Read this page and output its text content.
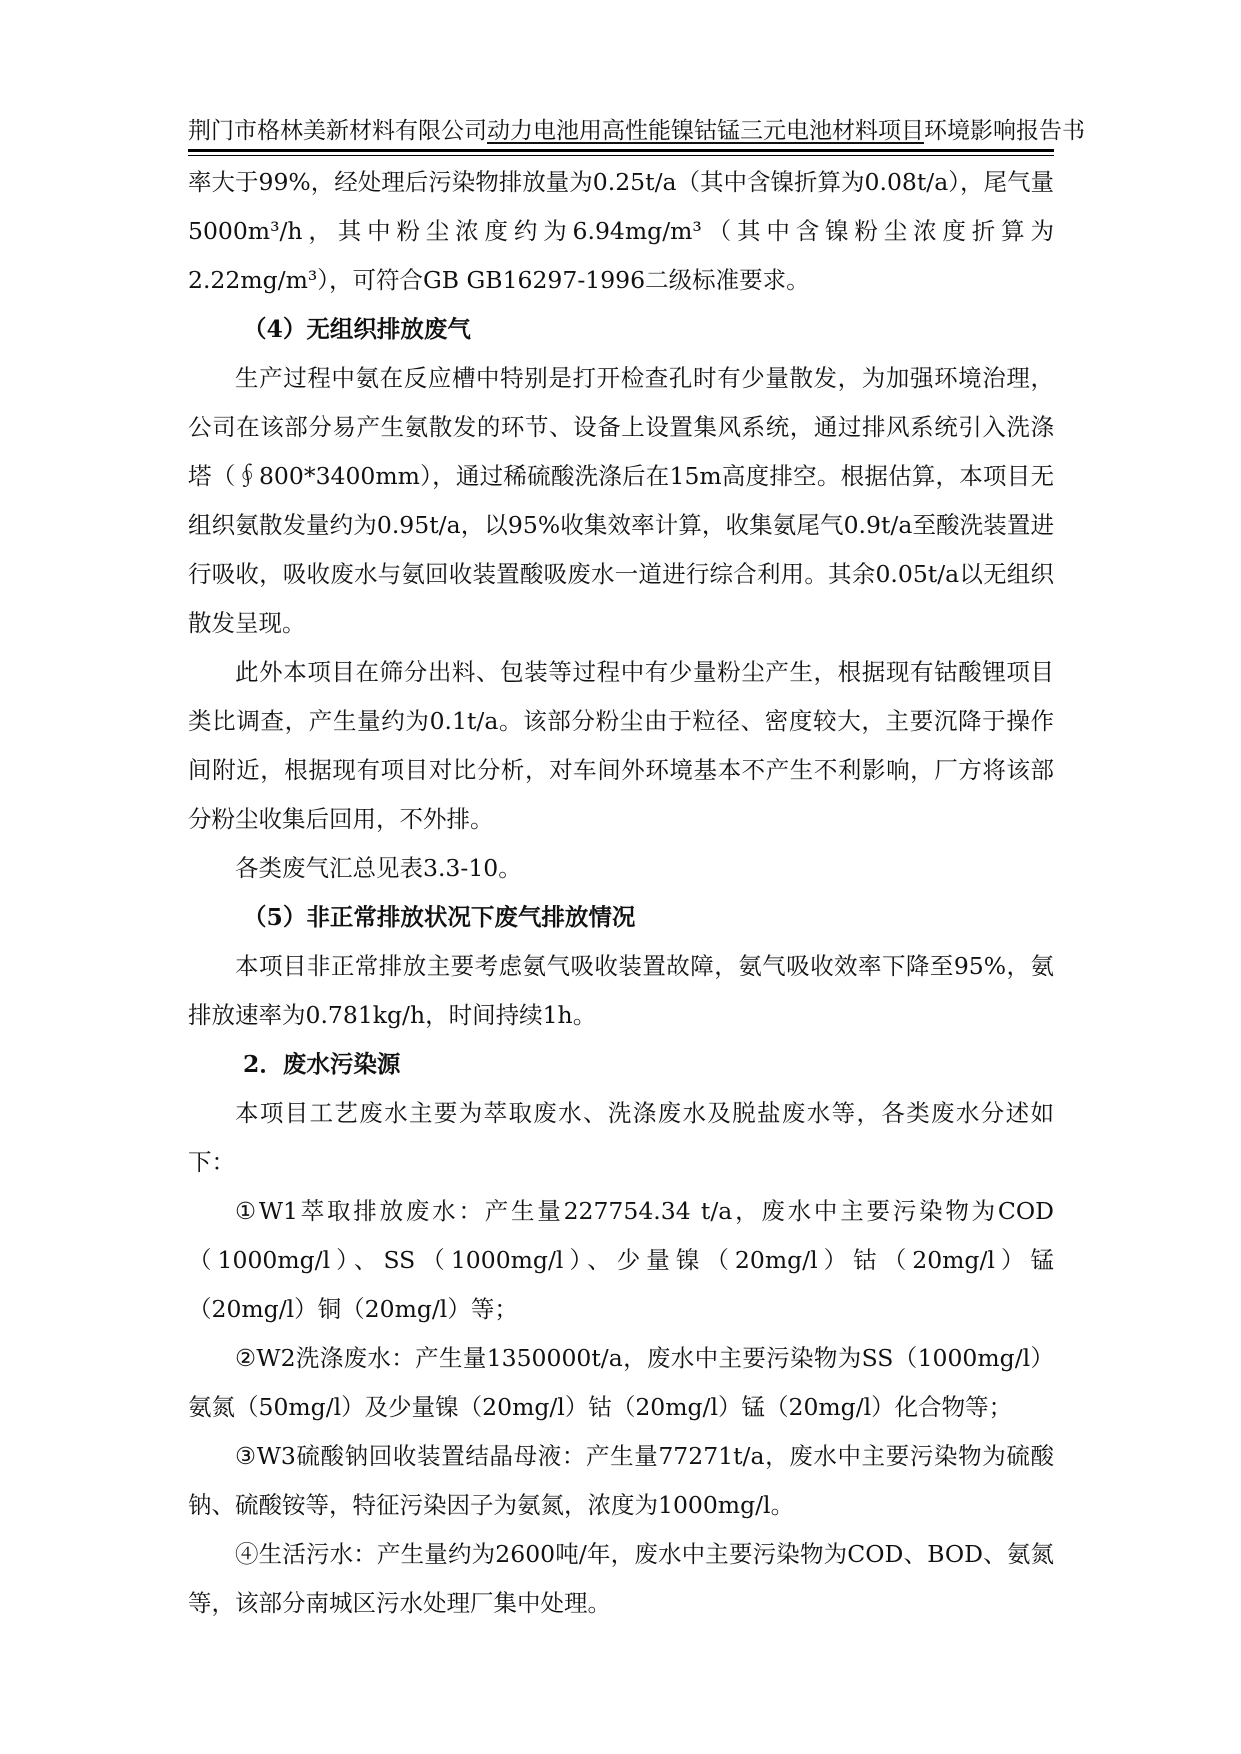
荆门市格林美新材料有限公司动力电池用高性能镍钴锰三元电池材料项目环境影响报告书

率大于99%，经处理后污染物排放量为0.25t/a（其中含镍折算为0.08t/a），尾气量5000m³/h，其中粉尘浓度约为6.94mg/m³（其中含镍粉尘浓度折算为2.22mg/m³），可符合GB GB16297-1996二级标准要求。

（4）无组织排放废气

生产过程中氨在反应槽中特别是打开检查孔时有少量散发，为加强环境治理，公司在该部分易产生氨散发的环节、设备上设置集风系统，通过排风系统引入洗涤塔（∮800*3400mm），通过稀硫酸洗涤后在15m高度排空。根据估算，本项目无组织氨散发量约为0.95t/a，以95%收集效率计算，收集氨尾气0.9t/a至酸洗装置进行吸收，吸收废水与氨回收装置酸吸废水一道进行综合利用。其余0.05t/a以无组织散发呈现。

此外本项目在筛分出料、包装等过程中有少量粉尘产生，根据现有钴酸锂项目类比调查，产生量约为0.1t/a。该部分粉尘由于粒径、密度较大，主要沉降于操作间附近，根据现有项目对比分析，对车间外环境基本不产生不利影响，厂方将该部分粉尘收集后回用，不外排。

各类废气汇总见表3.3-10。

（5）非正常排放状况下废气排放情况

本项目非正常排放主要考虑氨气吸收装置故障，氨气吸收效率下降至95%，氨排放速率为0.781kg/h，时间持续1h。

2．废水污染源

本项目工艺废水主要为萃取废水、洗涤废水及脱盐废水等，各类废水分述如下：

①W1萃取排放废水：产生量227754.34 t/a，废水中主要污染物为COD（1000mg/l）、SS（1000mg/l）、少量镍（20mg/l）钴（20mg/l）锰（20mg/l）铜（20mg/l）等；

②W2洗涤废水：产生量1350000t/a，废水中主要污染物为SS（1000mg/l）氨氮（50mg/l）及少量镍（20mg/l）钴（20mg/l）锰（20mg/l）化合物等；

③W3硫酸钠回收装置结晶母液：产生量77271t/a，废水中主要污染物为硫酸钠、硫酸铵等，特征污染因子为氨氮，浓度为1000mg/l。

④生活污水：产生量约为2600吨/年，废水中主要污染物为COD、BOD、氨氮等，该部分南城区污水处理厂集中处理。
